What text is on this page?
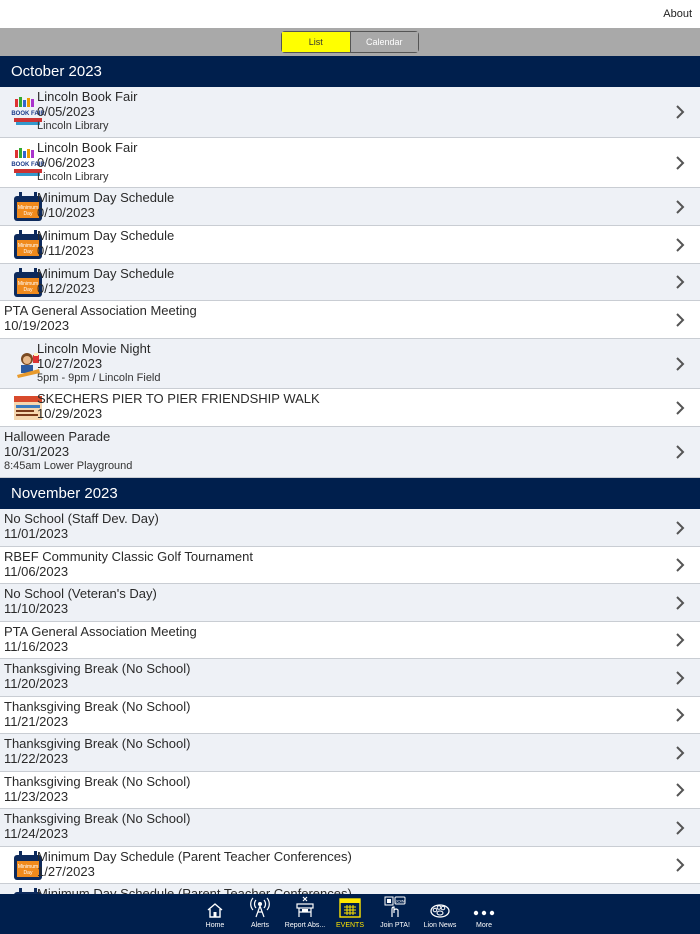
About
List	Calendar
October 2023
BOOK FAIR
Lincoln Book Fair
0/05/2023
Lincoln Library
BOOK FAIR
Lincoln Book Fair
0/06/2023
Lincoln Library
Minimum
Day
Minimum Day Schedule
0/10/2023
Minimum
Day
Minimum Day Schedule
0/11/2023
Minimum
Day
Minimum Day Schedule
0/12/2023
PTA General Association Meeting
10/19/2023
Lincoln Movie Night
10/27/2023
5pm - 9pm / Lincoln Field
SKECHERS PIER TO PIER FRIENDSHIP WALK
10/29/2023
Halloween Parade
10/31/2023
8:45am Lower Playground
November 2023
No School (Staff Dev. Day)
11/01/2023
RBEF Community Classic Golf Tournament
11/06/2023
No School (Veteran's Day)
11/10/2023
PTA General Association Meeting
11/16/2023
Thanksgiving Break (No School)
11/20/2023
Thanksgiving Break (No School)
11/21/2023
Thanksgiving Break (No School)
11/22/2023
Thanksgiving Break (No School)
11/23/2023
Thanksgiving Break (No School)
11/24/2023
Minimum
Day
Minimum Day Schedule (Parent Teacher Conferences)
1/27/2023
Home	Alerts	Report Abs...	EVENTS
JOIN
Join PTA!	Lion News	More
